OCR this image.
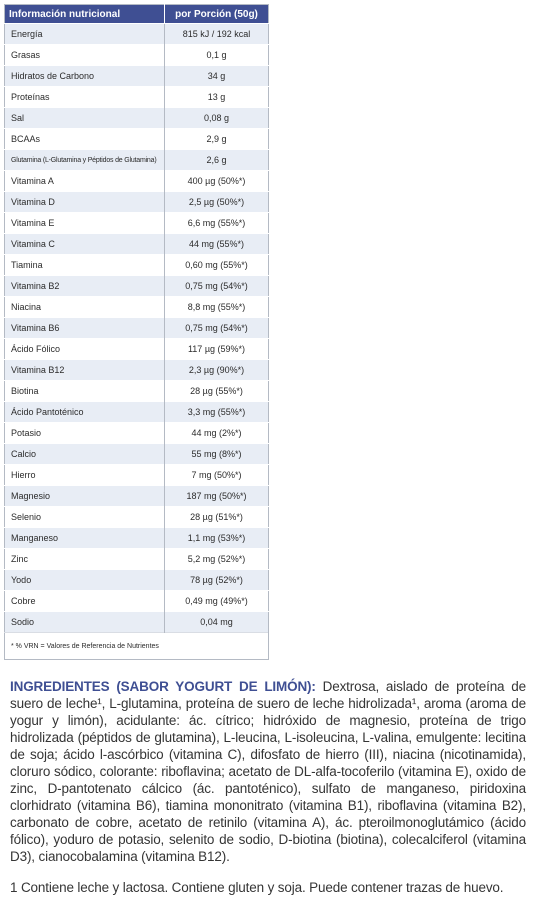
Información nutricional	por Porción (50g)
Energía	815 kJ / 192 kcal
Grasas	0,1 g
Hidratos de Carbono	34 g
Proteínas	13 g
Sal	0,08 g
BCAAs	2,9 g
Glutamina (L-Glutamina y Péptidos de Glutamina)	2,6 g
Vitamina A	400 µg (50%*)
Vitamina D	2,5 µg (50%*)
Vitamina E	6,6 mg (55%*)
Vitamina C	44 mg (55%*)
Tiamina	0,60 mg (55%*)
Vitamina B2	0,75 mg (54%*)
Niacina	8,8 mg (55%*)
Vitamina B6	0,75 mg (54%*)
Ácido Fólico	117 µg (59%*)
Vitamina B12	2,3 µg (90%*)
Biotina	28 µg (55%*)
Ácido Pantoténico	3,3 mg (55%*)
Potasio	44 mg (2%*)
Calcio	55 mg (8%*)
Hierro	7 mg (50%*)
Magnesio	187 mg (50%*)
Selenio	28 µg (51%*)
Manganeso	1,1 mg (53%*)
Zinc	5,2 mg (52%*)
Yodo	78 µg (52%*)
Cobre	0,49 mg (49%*)
Sodio	0,04 mg
* % VRN = Valores de Referencia de Nutrientes	

INGREDIENTES (SABOR YOGURT DE LIMÓN): Dextrosa, aislado de proteína de suero de leche¹, L-glutamina, proteína de suero de leche hidrolizada¹, aroma (aroma de yogur y limón), acidulante: ác. cítrico; hidróxido de magnesio, proteína de trigo hidrolizada (péptidos de glutamina), L-leucina, L-isoleucina, L-valina, emulgente: lecitina de soja; ácido l-ascórbico (vitamina C), difosfato de hierro (III), niacina (nicotinamida), cloruro sódico, colorante: riboflavina; acetato de DL-alfa-tocoferilo (vitamina E), oxido de zinc, D-pantotenato cálcico (ác. pantoténico), sulfato de manganeso, piridoxina clorhidrato (vitamina B6), tiamina mononitrato (vitamina B1), riboflavina (vitamina B2), carbonato de cobre, acetato de retinilo (vitamina A), ác. pteroilmonoglutámico (ácido fólico), yoduro de potasio, selenito de sodio, D-biotina (biotina), colecalciferol (vitamina D3), cianocobalamina (vitamina B12).

1 Contiene leche y lactosa. Contiene gluten y soja. Puede contener trazas de huevo.
